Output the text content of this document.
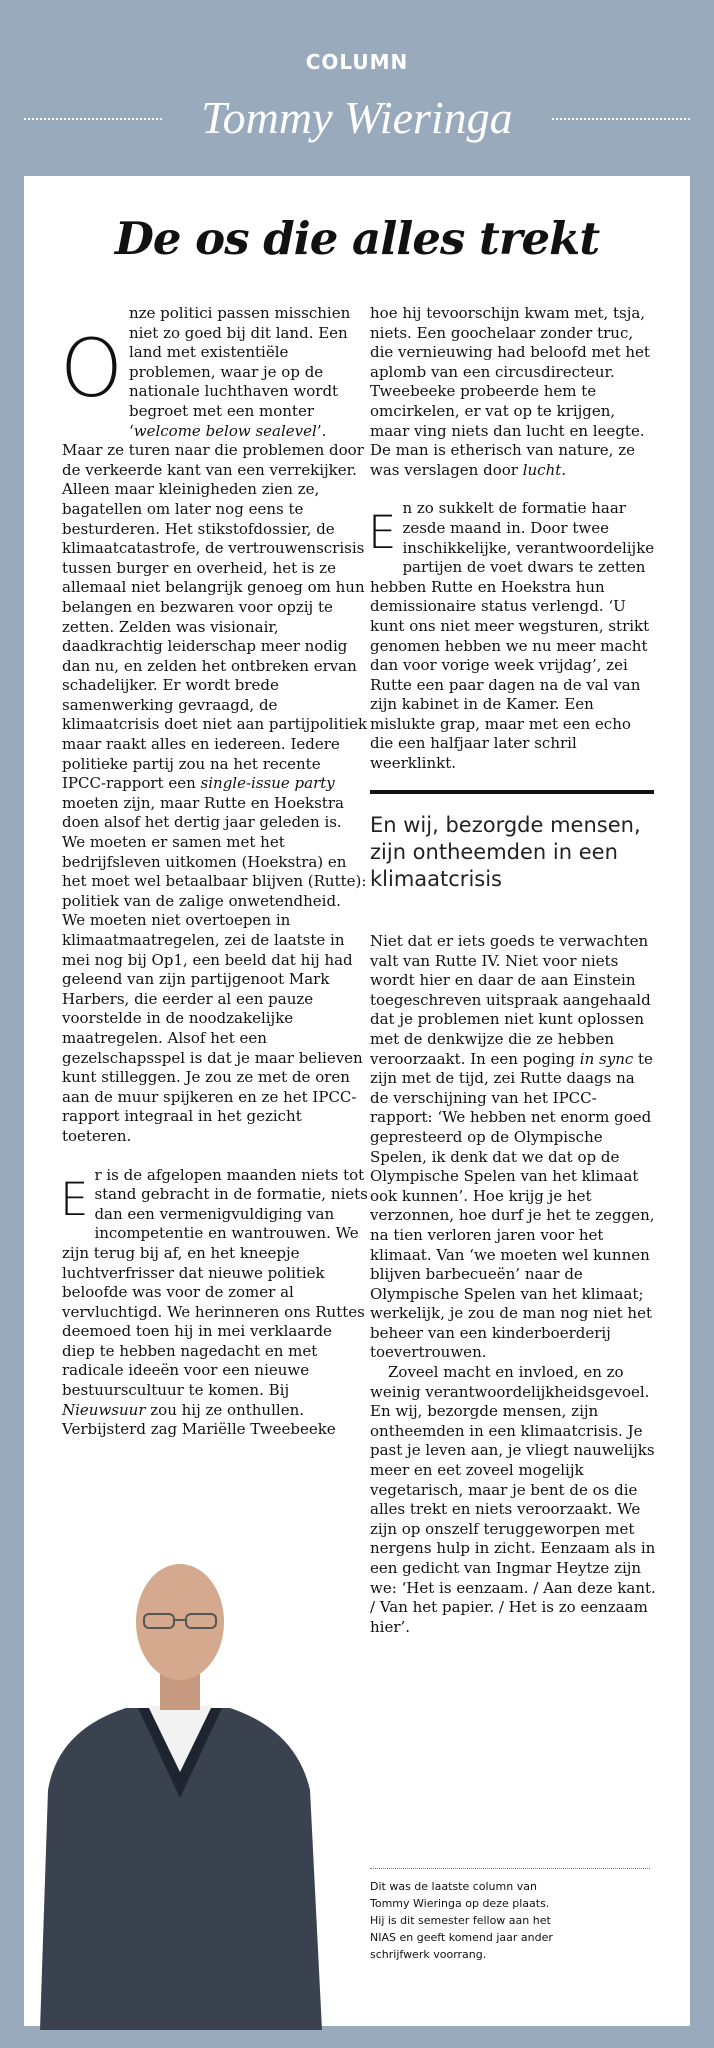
COLUMN
Tommy Wieringa
De os die alles trekt

O
nze politici passen misschien niet zo goed bij dit land. Een land met existentiële problemen, waar je op de nationale luchthaven wordt begroet met een monter ‘welcome below sealevel’. Maar ze turen naar die problemen door de verkeerde kant van een verrekijker. Alleen maar kleinigheden zien ze, bagatellen om later nog eens te besturderen. Het stikstofdossier, de klimaatcatastrofe, de vertrouwenscrisis tussen burger en overheid, het is ze allemaal niet belangrijk genoeg om hun belangen en bezwaren voor opzij te zetten. Zelden was visionair, daadkrachtig leiderschap meer nodig dan nu, en zelden het ontbreken ervan schadelijker. Er wordt brede samenwerking gevraagd, de klimaatcrisis doet niet aan partijpolitiek maar raakt alles en iedereen. Iedere politieke partij zou na het recente IPCC-rapport een single-issue party moeten zijn, maar Rutte en Hoekstra doen alsof het dertig jaar geleden is. We moeten er samen met het bedrijfsleven uitkomen (Hoekstra) en het moet wel betaalbaar blijven (Rutte): politiek van de zalige onwetendheid. We moeten niet overtoepen in klimaatmaatregelen, zei de laatste in mei nog bij Op1, een beeld dat hij had geleend van zijn partijgenoot Mark Harbers, die eerder al een pauze voorstelde in de noodzakelijke maatregelen. Alsof het een gezelschapsspel is dat je maar believen kunt stilleggen. Je zou ze met de oren aan de muur spijkeren en ze het IPCC-rapport integraal in het gezicht toeteren.

Er is de afgelopen maanden niets tot stand gebracht in de formatie, niets dan een vermenigvuldiging van incompetentie en wantrouwen. We zijn terug bij af, en het kneepje luchtverfrisser dat nieuwe politiek beloofde was voor de zomer al vervluchtigd. We herinneren ons Ruttes deemoed toen hij in mei verklaarde diep te hebben nagedacht en met radicale ideeën voor een nieuwe bestuurscultuur te komen. Bij Nieuwsuur zou hij ze onthullen. Verbijsterd zag Mariëlle Tweebeeke

hoe hij tevoorschijn kwam met, tsja, niets. Een goochelaar zonder truc, die vernieuwing had beloofd met het aplomb van een circusdirecteur. Tweebeeke probeerde hem te omcirkelen, er vat op te krijgen, maar ving niets dan lucht en leegte. De man is etherisch van nature, ze was verslagen door lucht.

En zo sukkelt de formatie haar zesde maand in. Door twee inschikkelijke, verantwoordelijke partijen de voet dwars te zetten hebben Rutte en Hoekstra hun demissionaire status verlengd. ‘U kunt ons niet meer wegsturen, strikt genomen hebben we nu meer macht dan voor vorige week vrijdag’, zei Rutte een paar dagen na de val van zijn kabinet in de Kamer. Een mislukte grap, maar met een echo die een halfjaar later schril weerklinkt.

En wij, bezorgde mensen, zijn ontheemden in een klimaatcrisis

Niet dat er iets goeds te verwachten valt van Rutte IV. Niet voor niets wordt hier en daar de aan Einstein toegeschreven uitspraak aangehaald dat je problemen niet kunt oplossen met de denkwijze die ze hebben veroorzaakt. In een poging in sync te zijn met de tijd, zei Rutte daags na de verschijning van het IPCC-rapport: ‘We hebben net enorm goed gepresteerd op de Olympische Spelen, ik denk dat we dat op de Olympische Spelen van het klimaat ook kunnen’. Hoe krijg je het verzonnen, hoe durf je het te zeggen, na tien verloren jaren voor het klimaat. Van ‘we moeten wel kunnen blijven barbecueën’ naar de Olympische Spelen van het klimaat; werkelijk, je zou de man nog niet het beheer van een kinderboerderij toevertrouwen.

Zoveel macht en invloed, en zo weinig verantwoordelijkheidsgevoel. En wij, bezorgde mensen, zijn ontheemden in een klimaatcrisis. Je past je leven aan, je vliegt nauwelijks meer en eet zoveel mogelijk vegetarisch, maar je bent de os die alles trekt en niets veroorzaakt. We zijn op onszelf teruggeworpen met nergens hulp in zicht. Eenzaam als in een gedicht van Ingmar Heytze zijn we: ‘Het is eenzaam. / Aan deze kant. / Van het papier. / Het is zo eenzaam hier’.

Dit was de laatste column van

Tommy Wieringa op deze plaats.

Hij is dit semester fellow aan het

NIAS en geeft komend jaar ander

schrijfwerk voorrang.
